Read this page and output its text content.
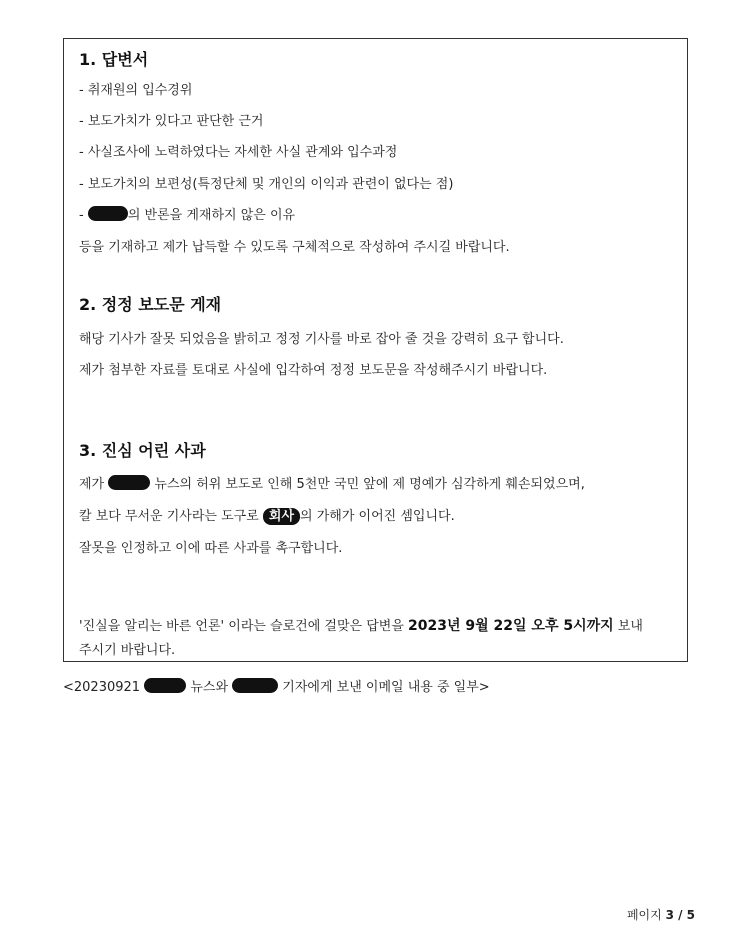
1. 답변서
- 취재원의 입수경위
- 보도가치가 있다고 판단한 근거
- 사실조사에 노력하였다는 자세한 사실 관계와 입수과정
- 보도가치의 보편성(특정단체 및 개인의 이익과 관련이 없다는 점)
-	의 반론을 게재하지 않은 이유
등을 기재하고 제가 납득할 수 있도록 구체적으로 작성하여 주시길 바랍니다.
2. 정정 보도문 게재
해당 기사가 잘못 되었음을 밝히고 정정 기사를 바로 잡아 줄 것을 강력히 요구 합니다.
제가 첨부한 자료를 토대로 사실에 입각하여 정정 보도문을 작성해주시기 바랍니다.
3. 진심 어린 사과
제가	뉴스의 허위 보도로 인해 5천만 국민 앞에 제 명예가 심각하게 훼손되었으며,
칼 보다 무서운 기사라는 도구로 회사 의 가해가 이어진 셈입니다.
잘못을 인정하고 이에 따른 사과를 촉구합니다.
'진실을 알리는 바른 언론' 이라는 슬로건에 걸맞은 답변을 2023년 9월 22일 오후 5시까지 보내
주시기 바랍니다.
<20230921	뉴스와	기자에게 보낸 이메일 내용 중 일부>
페이지 3 / 5
